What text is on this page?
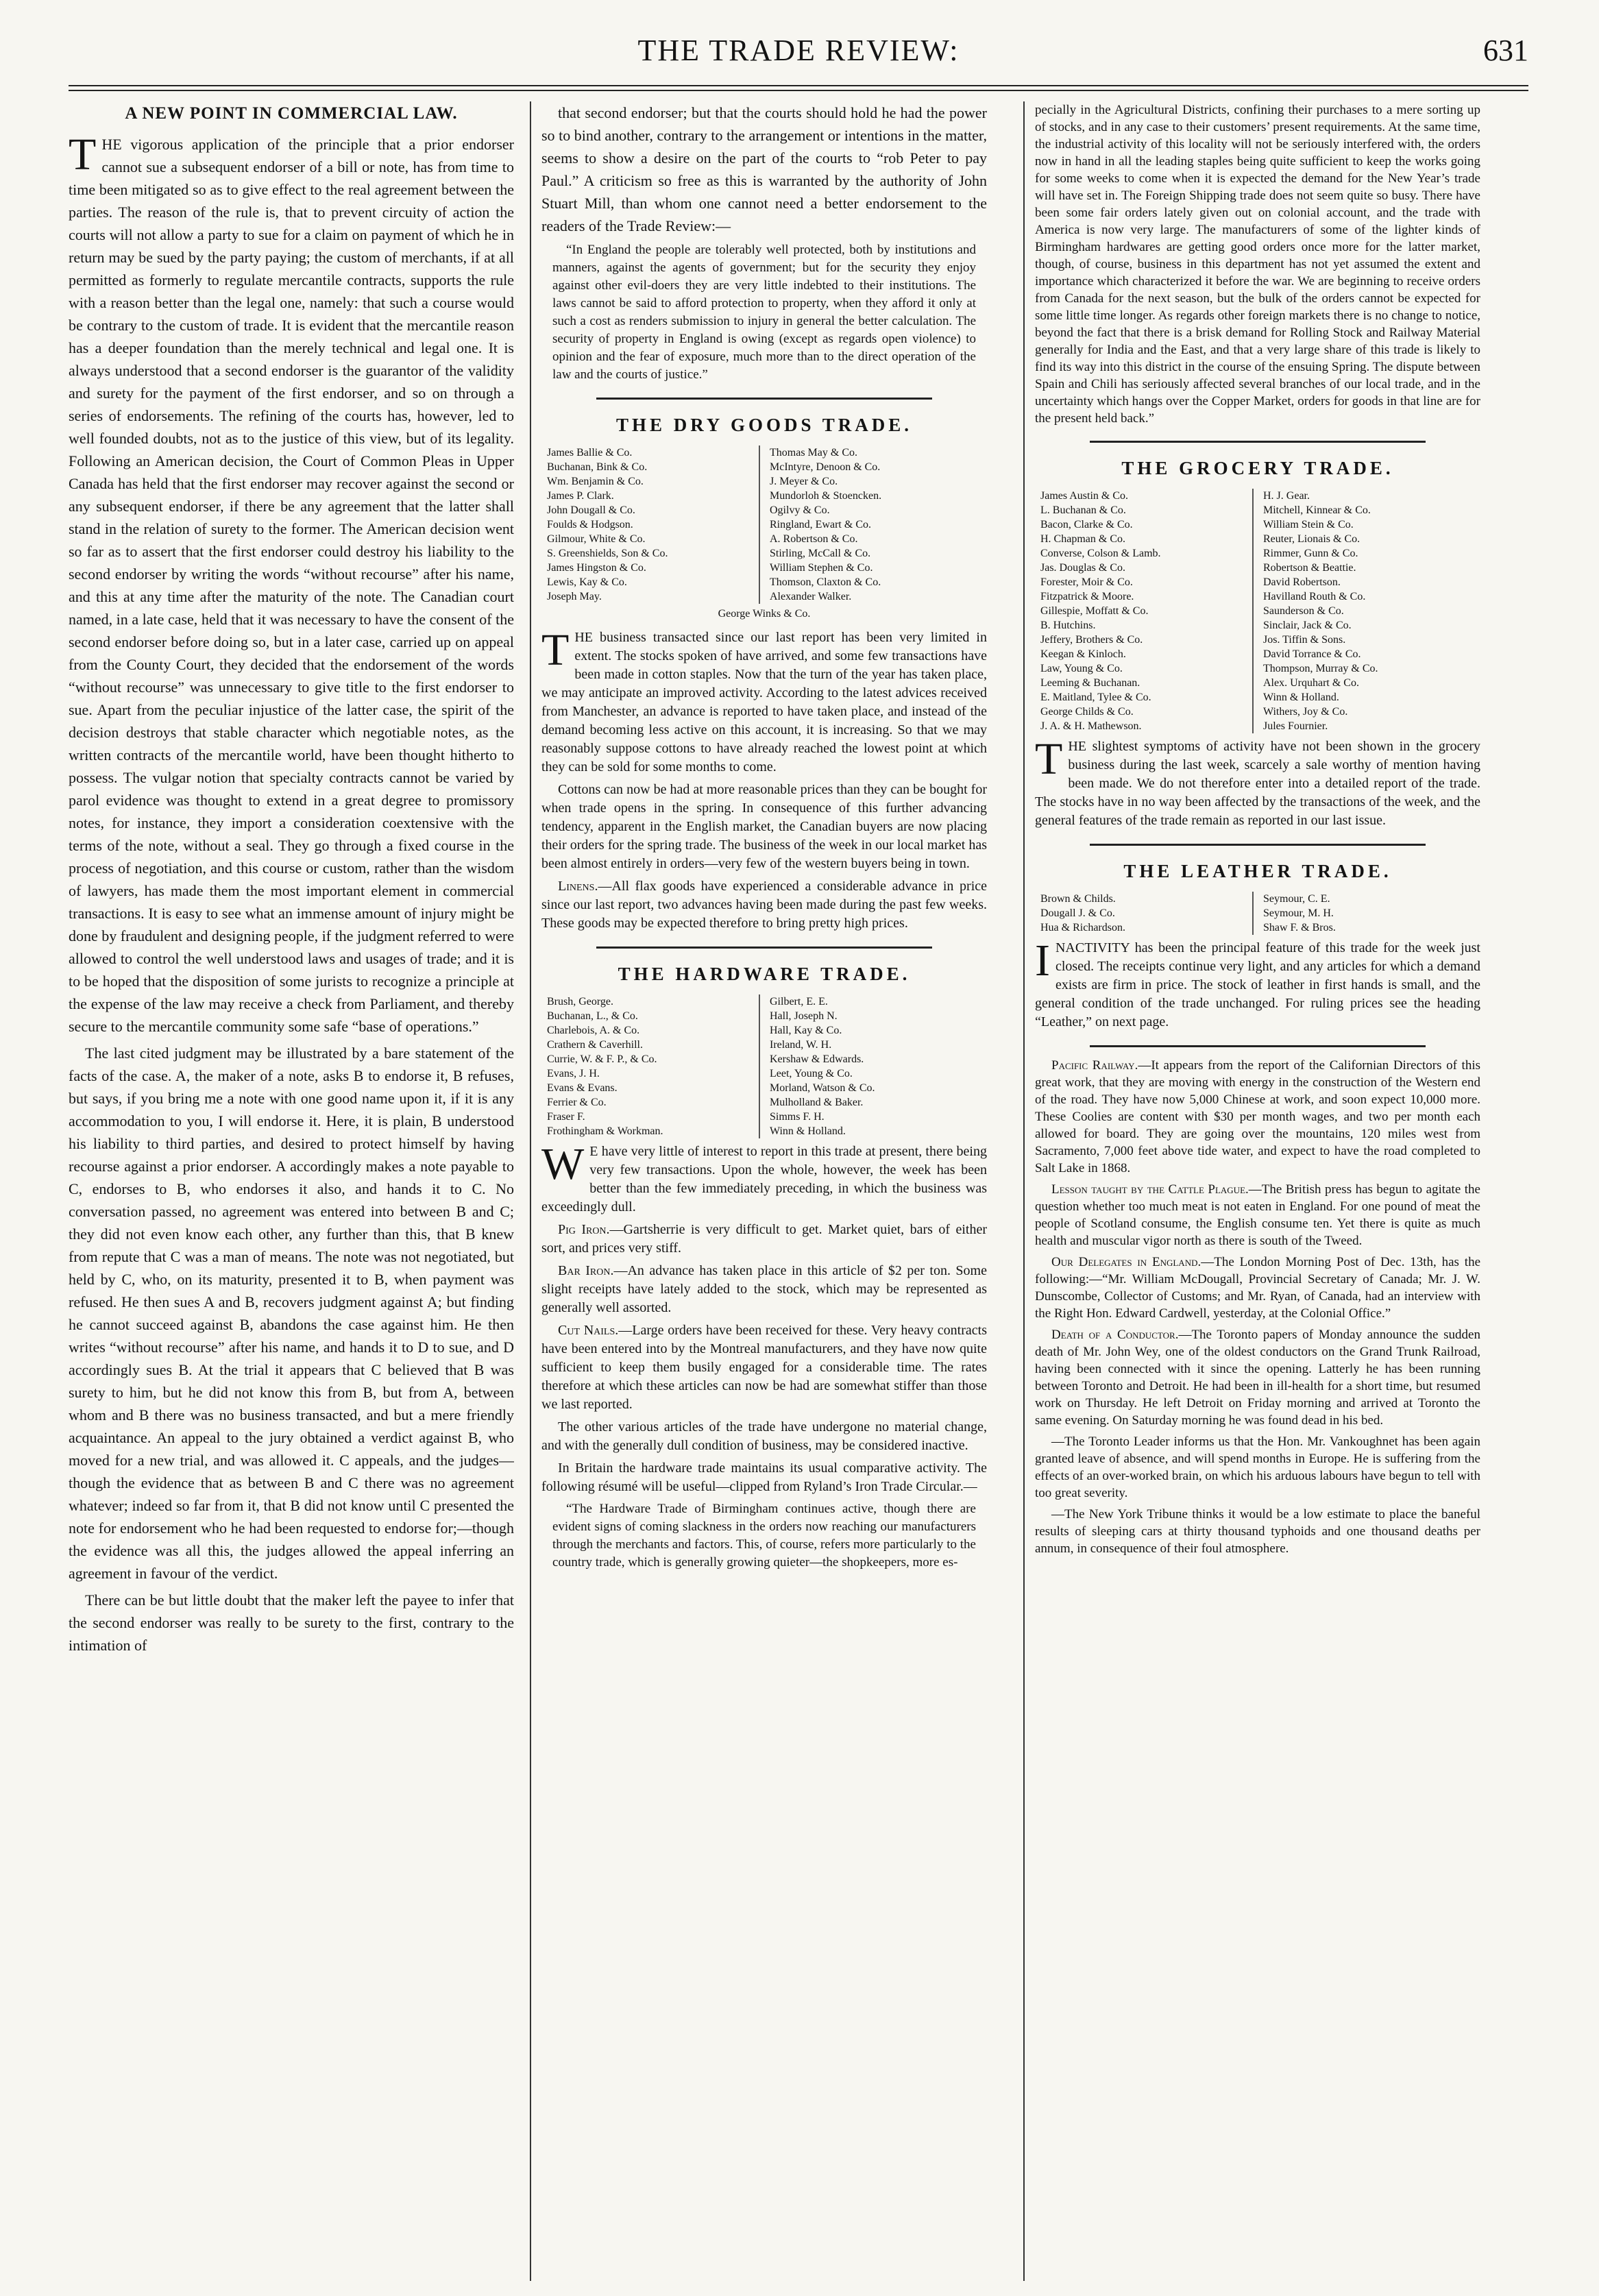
THE TRADE REVIEW:	631
A NEW POINT IN COMMERCIAL LAW.

THE vigorous application of the principle that a prior endorser cannot sue a subsequent endorser of a bill or note, has from time to time been mitigated so as to give effect to the real agreement between the parties. The reason of the rule is, that to prevent circuity of action the courts will not allow a party to sue for a claim on payment of which he in return may be sued by the party paying; the custom of merchants, if at all permitted as formerly to regulate mercantile contracts, supports the rule with a reason better than the legal one, namely: that such a course would be contrary to the custom of trade. It is evident that the mercantile reason has a deeper foundation than the merely technical and legal one. It is always understood that a second endorser is the guarantor of the validity and surety for the payment of the first endorser, and so on through a series of endorsements. The refining of the courts has, however, led to well founded doubts, not as to the justice of this view, but of its legality. Following an American decision, the Court of Common Pleas in Upper Canada has held that the first endorser may recover against the second or any subsequent endorser, if there be any agreement that the latter shall stand in the relation of surety to the former. The American decision went so far as to assert that the first endorser could destroy his liability to the second endorser by writing the words “without recourse” after his name, and this at any time after the maturity of the note. The Canadian court named, in a late case, held that it was necessary to have the consent of the second endorser before doing so, but in a later case, carried up on appeal from the County Court, they decided that the endorsement of the words “without recourse” was unnecessary to give title to the first endorser to sue. Apart from the peculiar injustice of the latter case, the spirit of the decision destroys that stable character which negotiable notes, as the written contracts of the mercantile world, have been thought hitherto to possess. The vulgar notion that specialty contracts cannot be varied by parol evidence was thought to extend in a great degree to promissory notes, for instance, they import a consideration coextensive with the terms of the note, without a seal. They go through a fixed course in the process of negotiation, and this course or custom, rather than the wisdom of lawyers, has made them the most important element in commercial transactions. It is easy to see what an immense amount of injury might be done by fraudulent and designing people, if the judgment referred to were allowed to control the well understood laws and usages of trade; and it is to be hoped that the disposition of some jurists to recognize a principle at the expense of the law may receive a check from Parliament, and thereby secure to the mercantile community some safe “base of operations.”

The last cited judgment may be illustrated by a bare statement of the facts of the case. A, the maker of a note, asks B to endorse it, B refuses, but says, if you bring me a note with one good name upon it, if it is any accommodation to you, I will endorse it. Here, it is plain, B understood his liability to third parties, and desired to protect himself by having recourse against a prior endorser. A accordingly makes a note payable to C, endorses to B, who endorses it also, and hands it to C. No conversation passed, no agreement was entered into between B and C; they did not even know each other, any further than this, that B knew from repute that C was a man of means. The note was not negotiated, but held by C, who, on its maturity, presented it to B, when payment was refused. He then sues A and B, recovers judgment against A; but finding he cannot succeed against B, abandons the case against him. He then writes “without recourse” after his name, and hands it to D to sue, and D accordingly sues B. At the trial it appears that C believed that B was surety to him, but he did not know this from B, but from A, between whom and B there was no business transacted, and but a mere friendly acquaintance. An appeal to the jury obtained a verdict against B, who moved for a new trial, and was allowed it. C appeals, and the judges—though the evidence that as between B and C there was no agreement whatever; indeed so far from it, that B did not know until C presented the note for endorsement who he had been requested to endorse for;—though the evidence was all this, the judges allowed the appeal inferring an agreement in favour of the verdict.

There can be but little doubt that the maker left the payee to infer that the second endorser was really to be surety to the first, contrary to the intimation of

that second endorser; but that the courts should hold he had the power so to bind another, contrary to the arrangement or intentions in the matter, seems to show a desire on the part of the courts to “rob Peter to pay Paul.” A criticism so free as this is warranted by the authority of John Stuart Mill, than whom one cannot need a better endorsement to the readers of the Trade Review:—

“In England the people are tolerably well protected, both by institutions and manners, against the agents of government; but for the security they enjoy against other evil-doers they are very little indebted to their institutions. The laws cannot be said to afford protection to property, when they afford it only at such a cost as renders submission to injury in general the better calculation. The security of property in England is owing (except as regards open violence) to opinion and the fear of exposure, much more than to the direct operation of the law and the courts of justice.”

THE DRY GOODS TRADE.
James Ballie & Co.
Buchanan, Bink & Co.
Wm. Benjamin & Co.
James P. Clark.
John Dougall & Co.
Foulds & Hodgson.
Gilmour, White & Co.
S. Greenshields, Son & Co.
James Hingston & Co.
Lewis, Kay & Co.
Joseph May.
Thomas May & Co.
McIntyre, Denoon & Co.
J. Meyer & Co.
Mundorloh & Stoencken.
Ogilvy & Co.
Ringland, Ewart & Co.
A. Robertson & Co.
Stirling, McCall & Co.
William Stephen & Co.
Thomson, Claxton & Co.
Alexander Walker.
George Winks & Co.

THE business transacted since our last report has been very limited in extent. The stocks spoken of have arrived, and some few transactions have been made in cotton staples. Now that the turn of the year has taken place, we may anticipate an improved activity. According to the latest advices received from Manchester, an advance is reported to have taken place, and instead of the demand becoming less active on this account, it is increasing. So that we may reasonably suppose cottons to have already reached the lowest point at which they can be sold for some months to come.

Cottons can now be had at more reasonable prices than they can be bought for when trade opens in the spring. In consequence of this further advancing tendency, apparent in the English market, the Canadian buyers are now placing their orders for the spring trade. The business of the week in our local market has been almost entirely in orders—very few of the western buyers being in town.

Linens.—All flax goods have experienced a considerable advance in price since our last report, two advances having been made during the past few weeks. These goods may be expected therefore to bring pretty high prices.

THE HARDWARE TRADE.
Brush, George.
Buchanan, L., & Co.
Charlebois, A. & Co.
Crathern & Caverhill.
Currie, W. & F. P., & Co.
Evans, J. H.
Evans & Evans.
Ferrier & Co.
Fraser F.
Frothingham & Workman.
Gilbert, E. E.
Hall, Joseph N.
Hall, Kay & Co.
Ireland, W. H.
Kershaw & Edwards.
Leet, Young & Co.
Morland, Watson & Co.
Mulholland & Baker.
Simms F. H.
Winn & Holland.

W E have very little of interest to report in this trade at present, there being very few transactions. Upon the whole, however, the week has been better than the few immediately preceding, in which the business was exceedingly dull.

Pig Iron.—Gartsherrie is very difficult to get. Market quiet, bars of either sort, and prices very stiff.

Bar Iron.—An advance has taken place in this article of $2 per ton. Some slight receipts have lately added to the stock, which may be represented as generally well assorted.

Cut Nails.—Large orders have been received for these. Very heavy contracts have been entered into by the Montreal manufacturers, and they have now quite sufficient to keep them busily engaged for a considerable time. The rates therefore at which these articles can now be had are somewhat stiffer than those we last reported.

The other various articles of the trade have undergone no material change, and with the generally dull condition of business, may be considered inactive.

In Britain the hardware trade maintains its usual comparative activity. The following résumé will be useful—clipped from Ryland’s Iron Trade Circular.—

“The Hardware Trade of Birmingham continues active, though there are evident signs of coming slackness in the orders now reaching our manufacturers through the merchants and factors. This, of course, refers more particularly to the country trade, which is generally growing quieter—the shopkeepers, more es-

pecially in the Agricultural Districts, confining their purchases to a mere sorting up of stocks, and in any case to their customers’ present requirements. At the same time, the industrial activity of this locality will not be seriously interfered with, the orders now in hand in all the leading staples being quite sufficient to keep the works going for some weeks to come when it is expected the demand for the New Year’s trade will have set in. The Foreign Shipping trade does not seem quite so busy. There have been some fair orders lately given out on colonial account, and the trade with America is now very large. The manufacturers of some of the lighter kinds of Birmingham hardwares are getting good orders once more for the latter market, though, of course, business in this department has not yet assumed the extent and importance which characterized it before the war. We are beginning to receive orders from Canada for the next season, but the bulk of the orders cannot be expected for some little time longer. As regards other foreign markets there is no change to notice, beyond the fact that there is a brisk demand for Rolling Stock and Railway Material generally for India and the East, and that a very large share of this trade is likely to find its way into this district in the course of the ensuing Spring. The dispute between Spain and Chili has seriously affected several branches of our local trade, and in the uncertainty which hangs over the Copper Market, orders for goods in that line are for the present held back.”

THE GROCERY TRADE.
James Austin & Co.
L. Buchanan & Co.
Bacon, Clarke & Co.
H. Chapman & Co.
Converse, Colson & Lamb.
Jas. Douglas & Co.
Forester, Moir & Co.
Fitzpatrick & Moore.
Gillespie, Moffatt & Co.
B. Hutchins.
Jeffery, Brothers & Co.
Keegan & Kinloch.
Law, Young & Co.
Leeming & Buchanan.
E. Maitland, Tylee & Co.
George Childs & Co.
J. A. & H. Mathewson.
H. J. Gear.
Mitchell, Kinnear & Co.
William Stein & Co.
Reuter, Lionais & Co.
Rimmer, Gunn & Co.
Robertson & Beattie.
David Robertson.
Havilland Routh & Co.
Saunderson & Co.
Sinclair, Jack & Co.
Jos. Tiffin & Sons.
David Torrance & Co.
Thompson, Murray & Co.
Alex. Urquhart & Co.
Winn & Holland.
Withers, Joy & Co.
Jules Fournier.

THE slightest symptoms of activity have not been shown in the grocery business during the last week, scarcely a sale worthy of mention having been made. We do not therefore enter into a detailed report of the trade. The stocks have in no way been affected by the transactions of the week, and the general features of the trade remain as reported in our last issue.

THE LEATHER TRADE.
Brown & Childs.
Dougall J. & Co.
Hua & Richardson.
Seymour, C. E.
Seymour, M. H.
Shaw F. & Bros.

INACTIVITY has been the principal feature of this trade for the week just closed. The receipts continue very light, and any articles for which a demand exists are firm in price. The stock of leather in first hands is small, and the general condition of the trade unchanged. For ruling prices see the heading “Leather,” on next page.

Pacific Railway.—It appears from the report of the Californian Directors of this great work, that they are moving with energy in the construction of the Western end of the road. They have now 5,000 Chinese at work, and soon expect 10,000 more. These Coolies are content with $30 per month wages, and two per month each allowed for board. They are going over the mountains, 120 miles west from Sacramento, 7,000 feet above tide water, and expect to have the road completed to Salt Lake in 1868.

Lesson taught by the Cattle Plague.—The British press has begun to agitate the question whether too much meat is not eaten in England. For one pound of meat the people of Scotland consume, the English consume ten. Yet there is quite as much health and muscular vigor north as there is south of the Tweed.

Our Delegates in England.—The London Morning Post of Dec. 13th, has the following:—“Mr. William McDougall, Provincial Secretary of Canada; Mr. J. W. Dunscombe, Collector of Customs; and Mr. Ryan, of Canada, had an interview with the Right Hon. Edward Cardwell, yesterday, at the Colonial Office.”

Death of a Conductor.—The Toronto papers of Monday announce the sudden death of Mr. John Wey, one of the oldest conductors on the Grand Trunk Railroad, having been connected with it since the opening. Latterly he has been running between Toronto and Detroit. He had been in ill-health for a short time, but resumed work on Thursday. He left Detroit on Friday morning and arrived at Toronto the same evening. On Saturday morning he was found dead in his bed.

—The Toronto Leader informs us that the Hon. Mr. Vankoughnet has been again granted leave of absence, and will spend months in Europe. He is suffering from the effects of an over-worked brain, on which his arduous labours have begun to tell with too great severity.

—The New York Tribune thinks it would be a low estimate to place the baneful results of sleeping cars at thirty thousand typhoids and one thousand deaths per annum, in consequence of their foul atmosphere.
